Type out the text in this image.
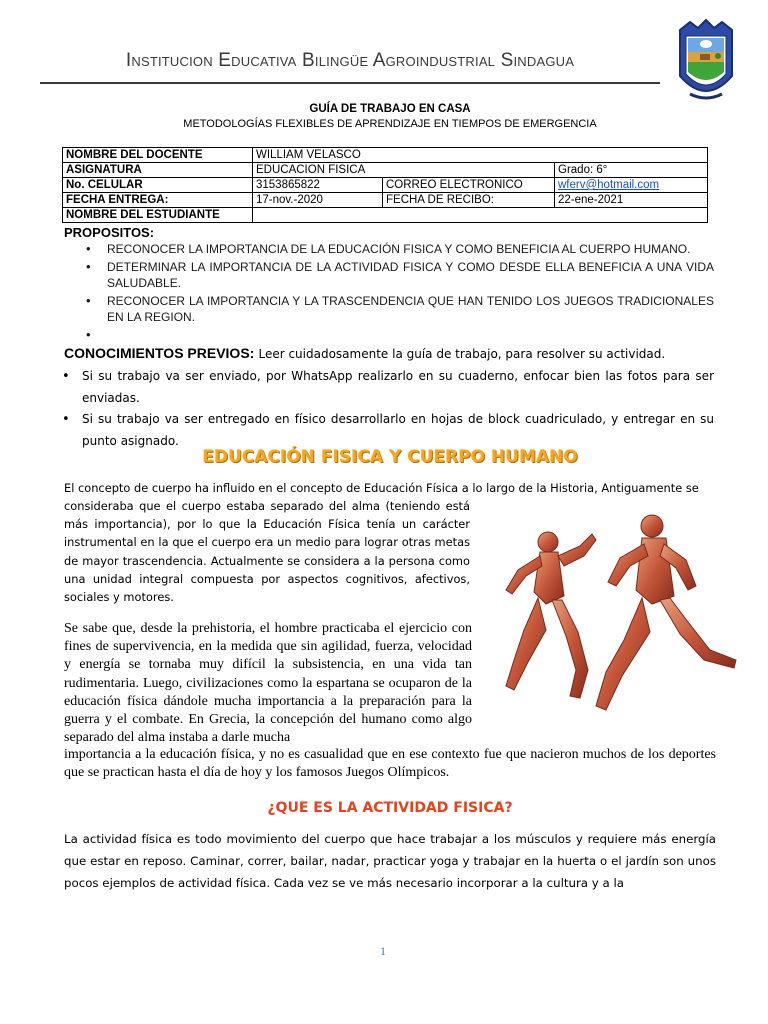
Institucion Educativa Bilingüe Agroindustrial Sindagua
GUÍA DE TRABAJO EN CASA
METODOLOGÍAS FLEXIBLES DE APRENDIZAJE EN TIEMPOS DE EMERGENCIA
NOMBRE DEL DOCENTE	WILLIAM VELASCO		
ASIGNATURA	EDUCACION FISICA		Grado: 6°
No. CELULAR	3153865822	CORREO ELECTRONICO	wferv@hotmail.com
FECHA ENTREGA:	17-nov.-2020	FECHA DE RECIBO:	22-ene-2021
NOMBRE DEL ESTUDIANTE			
PROPOSITOS:
• RECONOCER LA IMPORTANCIA DE LA EDUCACIÓN FISICA Y COMO BENEFICIA AL CUERPO HUMANO.
• DETERMINAR LA IMPORTANCIA DE LA ACTIVIDAD FISICA Y COMO DESDE ELLA BENEFICIA A UNA VIDA SALUDABLE.
• RECONOCER LA IMPORTANCIA Y LA TRASCENDENCIA QUE HAN TENIDO LOS JUEGOS TRADICIONALES EN LA REGION.
•
CONOCIMIENTOS PREVIOS: Leer cuidadosamente la guía de trabajo, para resolver su actividad.
• Si su trabajo va ser enviado, por WhatsApp realizarlo en su cuaderno, enfocar bien las fotos para ser enviadas.
• Si su trabajo va ser entregado en físico desarrollarlo en hojas de block cuadriculado, y entregar en su punto asignado.
EDUCACIÓN FISICA Y CUERPO HUMANO
El concepto de cuerpo ha influido en el concepto de Educación Física a lo largo de la Historia, Antiguamente se
consideraba que el cuerpo estaba separado del alma (teniendo está más importancia), por lo que la Educación Física tenía un carácter instrumental en la que el cuerpo era un medio para lograr otras metas de mayor trascendencia. Actualmente se considera a la persona como una unidad integral compuesta por aspectos cognitivos, afectivos, sociales y motores.
Se sabe que, desde la prehistoria, el hombre practicaba el ejercicio con fines de supervivencia, en la medida que sin agilidad, fuerza, velocidad y energía se tornaba muy difícil la subsistencia, en una vida tan rudimentaria. Luego, civilizaciones como la espartana se ocuparon de la educación física dándole mucha importancia a la preparación para la guerra y el combate. En Grecia, la concepción del humano como algo separado del alma instaba a darle mucha
importancia a la educación física, y no es casualidad que en ese contexto fue que nacieron muchos de los deportes que se practican hasta el día de hoy y los famosos Juegos Olímpicos.
¿QUE ES LA ACTIVIDAD FISICA?
La actividad física es todo movimiento del cuerpo que hace trabajar a los músculos y requiere más energía que estar en reposo. Caminar, correr, bailar, nadar, practicar yoga y trabajar en la huerta o el jardín son unos pocos ejemplos de actividad física. Cada vez se ve más necesario incorporar a la cultura y a la
1
